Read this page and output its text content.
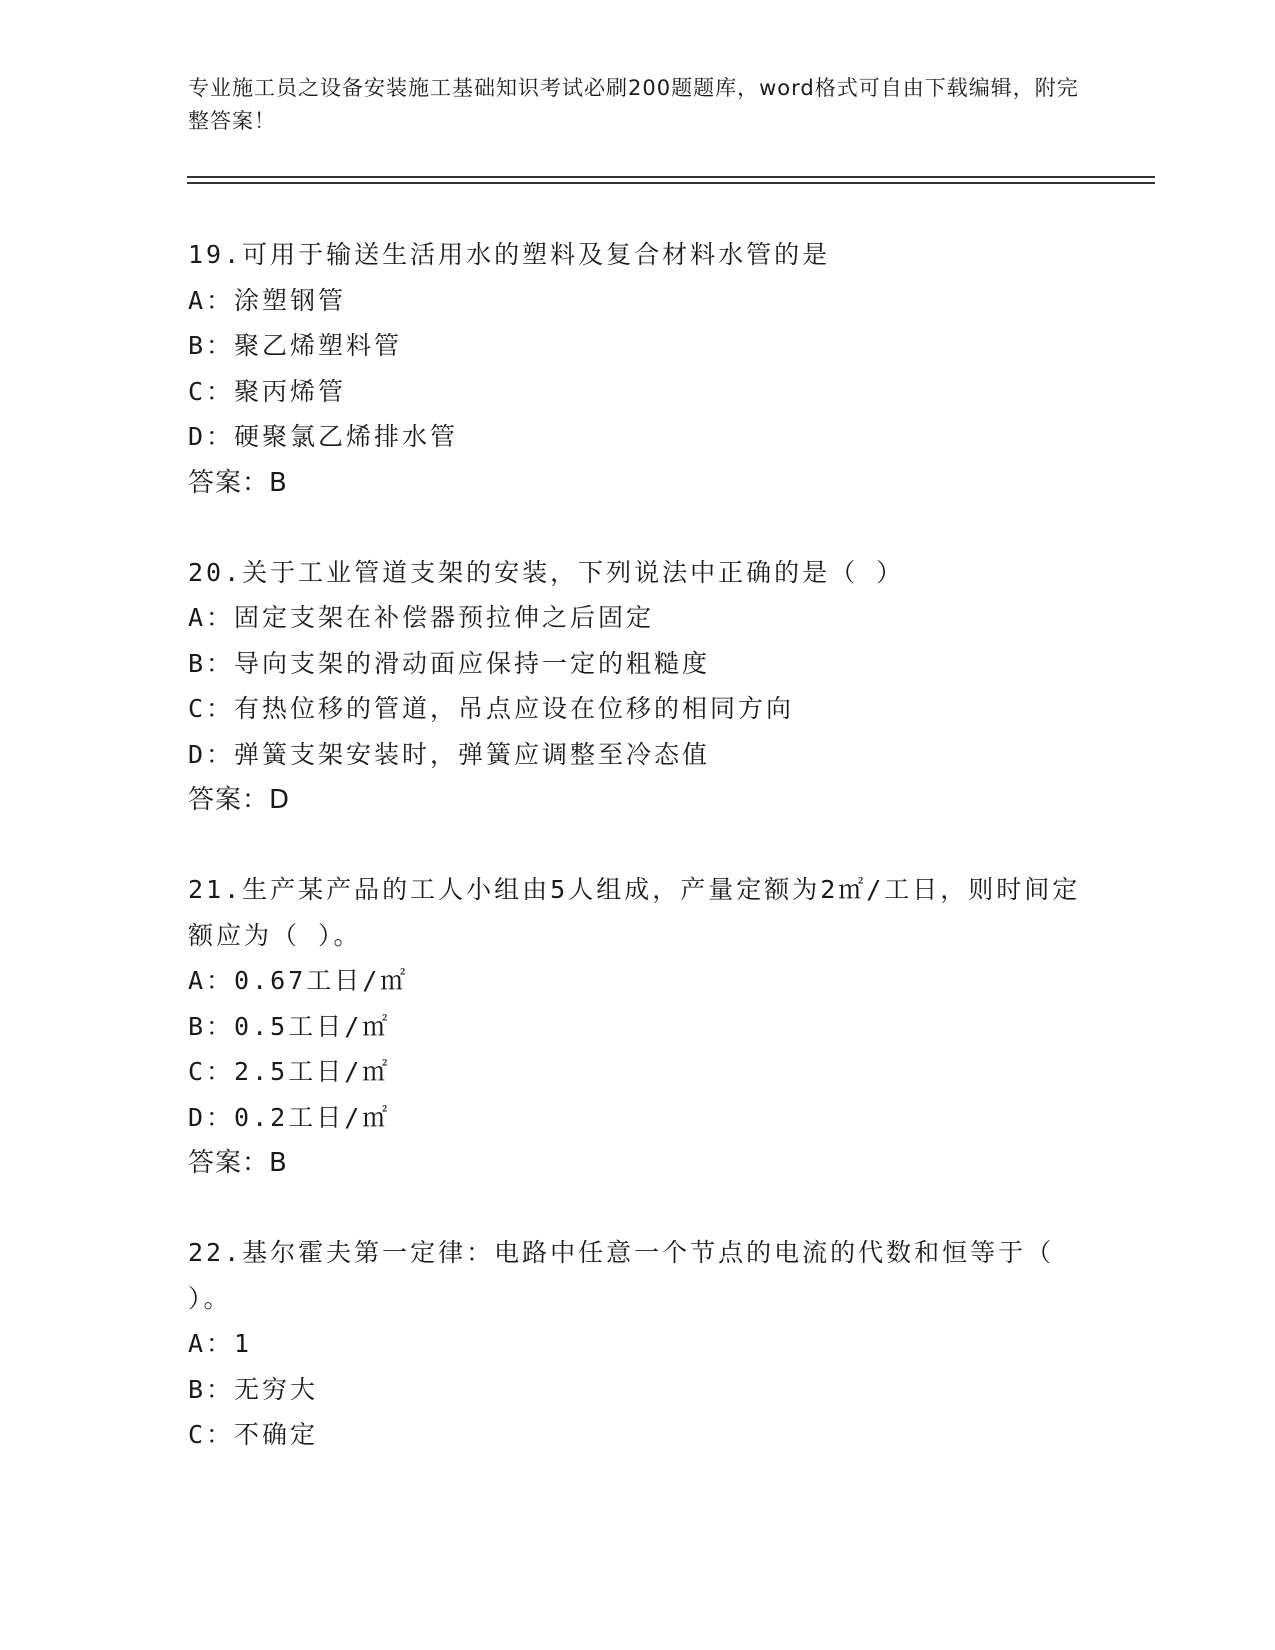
专业施工员之设备安装施工基础知识考试必刷200题题库，word格式可自由下载编辑，附完整答案！
19.可用于输送生活用水的塑料及复合材料水管的是
A：涂塑钢管
B：聚乙烯塑料管
C：聚丙烯管
D：硬聚氯乙烯排水管
答案：B
20.关于工业管道支架的安装，下列说法中正确的是（ ）
A：固定支架在补偿器预拉伸之后固定
B：导向支架的滑动面应保持一定的粗糙度
C：有热位移的管道，吊点应设在位移的相同方向
D：弹簧支架安装时，弹簧应调整至冷态值
答案：D
21.生产某产品的工人小组由5人组成，产量定额为2㎡/工日，则时间定额应为（ ）。
A：0.67工日/㎡
B：0.5工日/㎡
C：2.5工日/㎡
D：0.2工日/㎡
答案：B
22.基尔霍夫第一定律：电路中任意一个节点的电流的代数和恒等于（ ）。
A：1
B：无穷大
C：不确定
